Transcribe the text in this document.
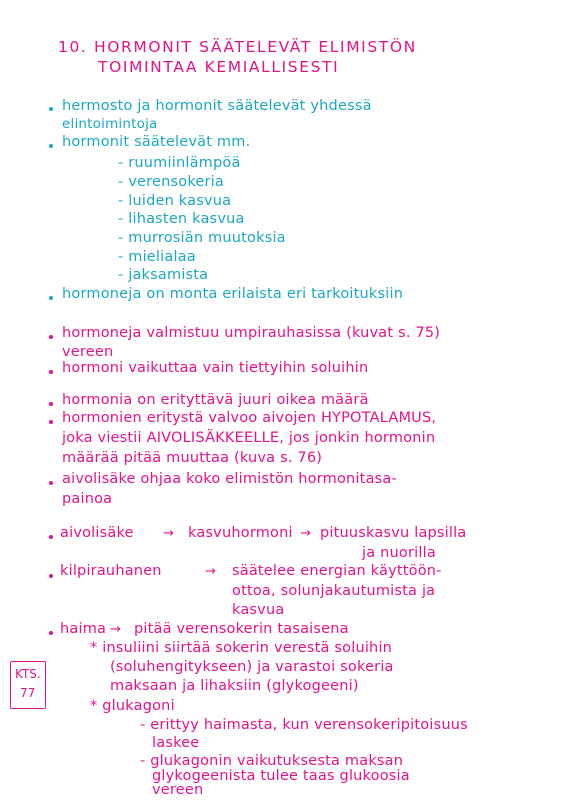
10. HORMONIT SÄÄTELEVÄT ELIMISTÖN
TOIMINTAA KEMIALLISESTI
hermosto ja hormonit säätelevät yhdessä
elintoimintoja
hormonit säätelevät mm.
- ruumiinlämpöä
- verensokeria
- luiden kasvua
- lihasten kasvua
- murrosiän muutoksia
- mielialaa
- jaksamista
hormoneja on monta erilaista eri tarkoituksiin
hormoneja valmistuu umpirauhasissa (kuvat s. 75)
vereen
hormoni vaikuttaa vain tiettyihin soluihin
hormonia on erityttävä juuri oikea määrä
hormonien eritystä valvoo aivojen HYPOTALAMUS,
joka viestii AIVOLISÄKKEELLE, jos jonkin hormonin
määrää pitää muuttaa (kuva s. 76)
aivolisäke ohjaa koko elimistön hormonitasa-
painoa
aivolisäke → kasvuhormoni → pituuskasvu lapsilla
ja nuorilla
kilpirauhanen	→ säätelee energian käyttöön-
ottoa, solunjakautumista ja
kasvua
haima → pitää verensokerin tasaisena
* insuliini siirtää sokerin verestä soluihin
(soluhengitykseen) ja varastoi sokeria
maksaan ja lihaksiin (glykogeeni)
* glukagoni
- erittyy haimasta, kun verensokeripitoisuus
laskee
- glukagonin vaikutuksesta maksan
glykogeenista tulee taas glukoosia
vereen
KTS.
77
